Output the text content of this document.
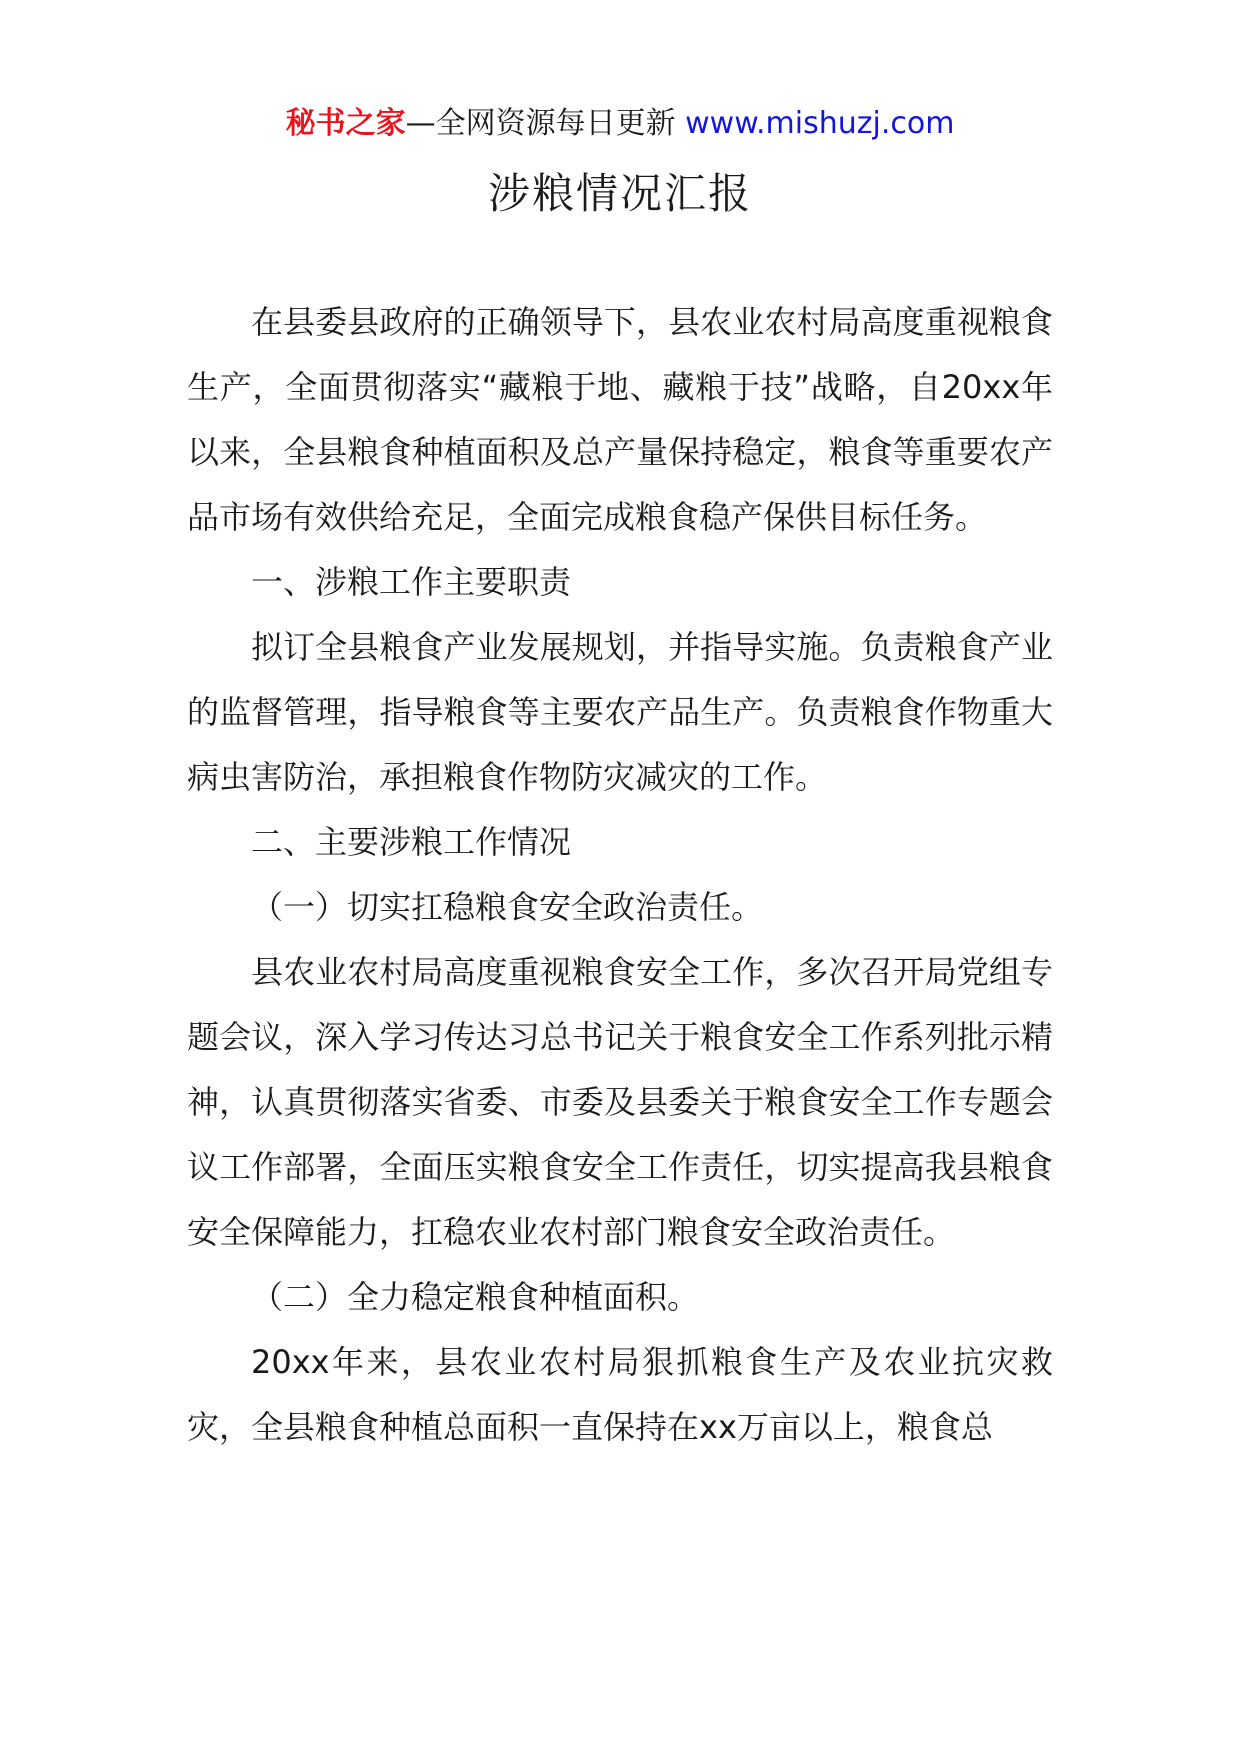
秘书之家—全网资源每日更新 www.mishuzj.com
涉粮情况汇报

在县委县政府的正确领导下，县农业农村局高度重视粮食生产，全面贯彻落实“藏粮于地、藏粮于技”战略，自20xx年以来，全县粮食种植面积及总产量保持稳定，粮食等重要农产品市场有效供给充足，全面完成粮食稳产保供目标任务。

一、涉粮工作主要职责

拟订全县粮食产业发展规划，并指导实施。负责粮食产业的监督管理，指导粮食等主要农产品生产。负责粮食作物重大病虫害防治，承担粮食作物防灾减灾的工作。

二、主要涉粮工作情况

（一）切实扛稳粮食安全政治责任。

县农业农村局高度重视粮食安全工作，多次召开局党组专题会议，深入学习传达习总书记关于粮食安全工作系列批示精神，认真贯彻落实省委、市委及县委关于粮食安全工作专题会议工作部署，全面压实粮食安全工作责任，切实提高我县粮食安全保障能力，扛稳农业农村部门粮食安全政治责任。

（二）全力稳定粮食种植面积。

20xx年来，县农业农村局狠抓粮食生产及农业抗灾救灾，全县粮食种植总面积一直保持在xx万亩以上，粮食总
